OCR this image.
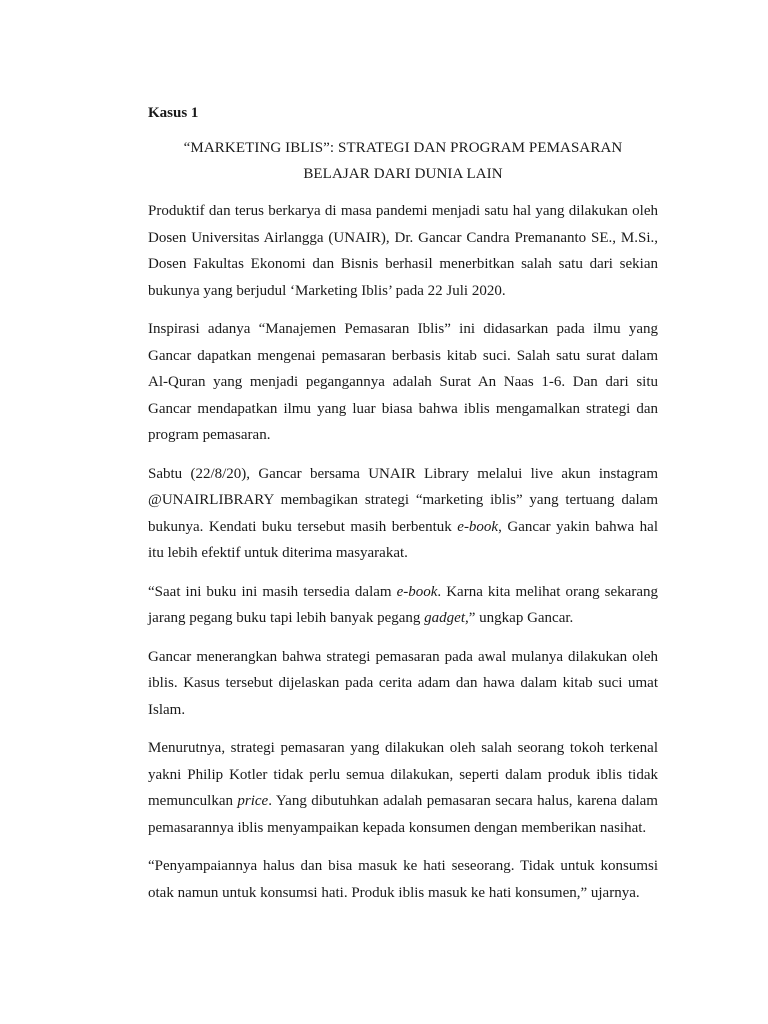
Kasus 1

“MARKETING IBLIS”: STRATEGI DAN PROGRAM PEMASARAN
BELAJAR DARI DUNIA LAIN

Produktif dan terus berkarya di masa pandemi menjadi satu hal yang dilakukan oleh Dosen Universitas Airlangga (UNAIR), Dr. Gancar Candra Premananto SE., M.Si., Dosen Fakultas Ekonomi dan Bisnis berhasil menerbitkan salah satu dari sekian bukunya yang berjudul ‘Marketing Iblis’ pada 22 Juli 2020.

Inspirasi adanya “Manajemen Pemasaran Iblis” ini didasarkan pada ilmu yang Gancar dapatkan mengenai pemasaran berbasis kitab suci. Salah satu surat dalam Al-Quran yang menjadi pegangannya adalah Surat An Naas 1-6. Dan dari situ Gancar mendapatkan ilmu yang luar biasa bahwa iblis mengamalkan strategi dan program pemasaran.

Sabtu (22/8/20), Gancar bersama UNAIR Library melalui live akun instagram @UNAIRLIBRARY membagikan strategi “marketing iblis” yang tertuang dalam bukunya. Kendati buku tersebut masih berbentuk e-book, Gancar yakin bahwa hal itu lebih efektif untuk diterima masyarakat.

“Saat ini buku ini masih tersedia dalam e-book. Karna kita melihat orang sekarang jarang pegang buku tapi lebih banyak pegang gadget,” ungkap Gancar.

Gancar menerangkan bahwa strategi pemasaran pada awal mulanya dilakukan oleh iblis. Kasus tersebut dijelaskan pada cerita adam dan hawa dalam kitab suci umat Islam.

Menurutnya, strategi pemasaran yang dilakukan oleh salah seorang tokoh terkenal yakni Philip Kotler tidak perlu semua dilakukan, seperti dalam produk iblis tidak memunculkan price. Yang dibutuhkan adalah pemasaran secara halus, karena dalam pemasarannya iblis menyampaikan kepada konsumen dengan memberikan nasihat.

“Penyampaiannya halus dan bisa masuk ke hati seseorang. Tidak untuk konsumsi otak namun untuk konsumsi hati. Produk iblis masuk ke hati konsumen,” ujarnya.
